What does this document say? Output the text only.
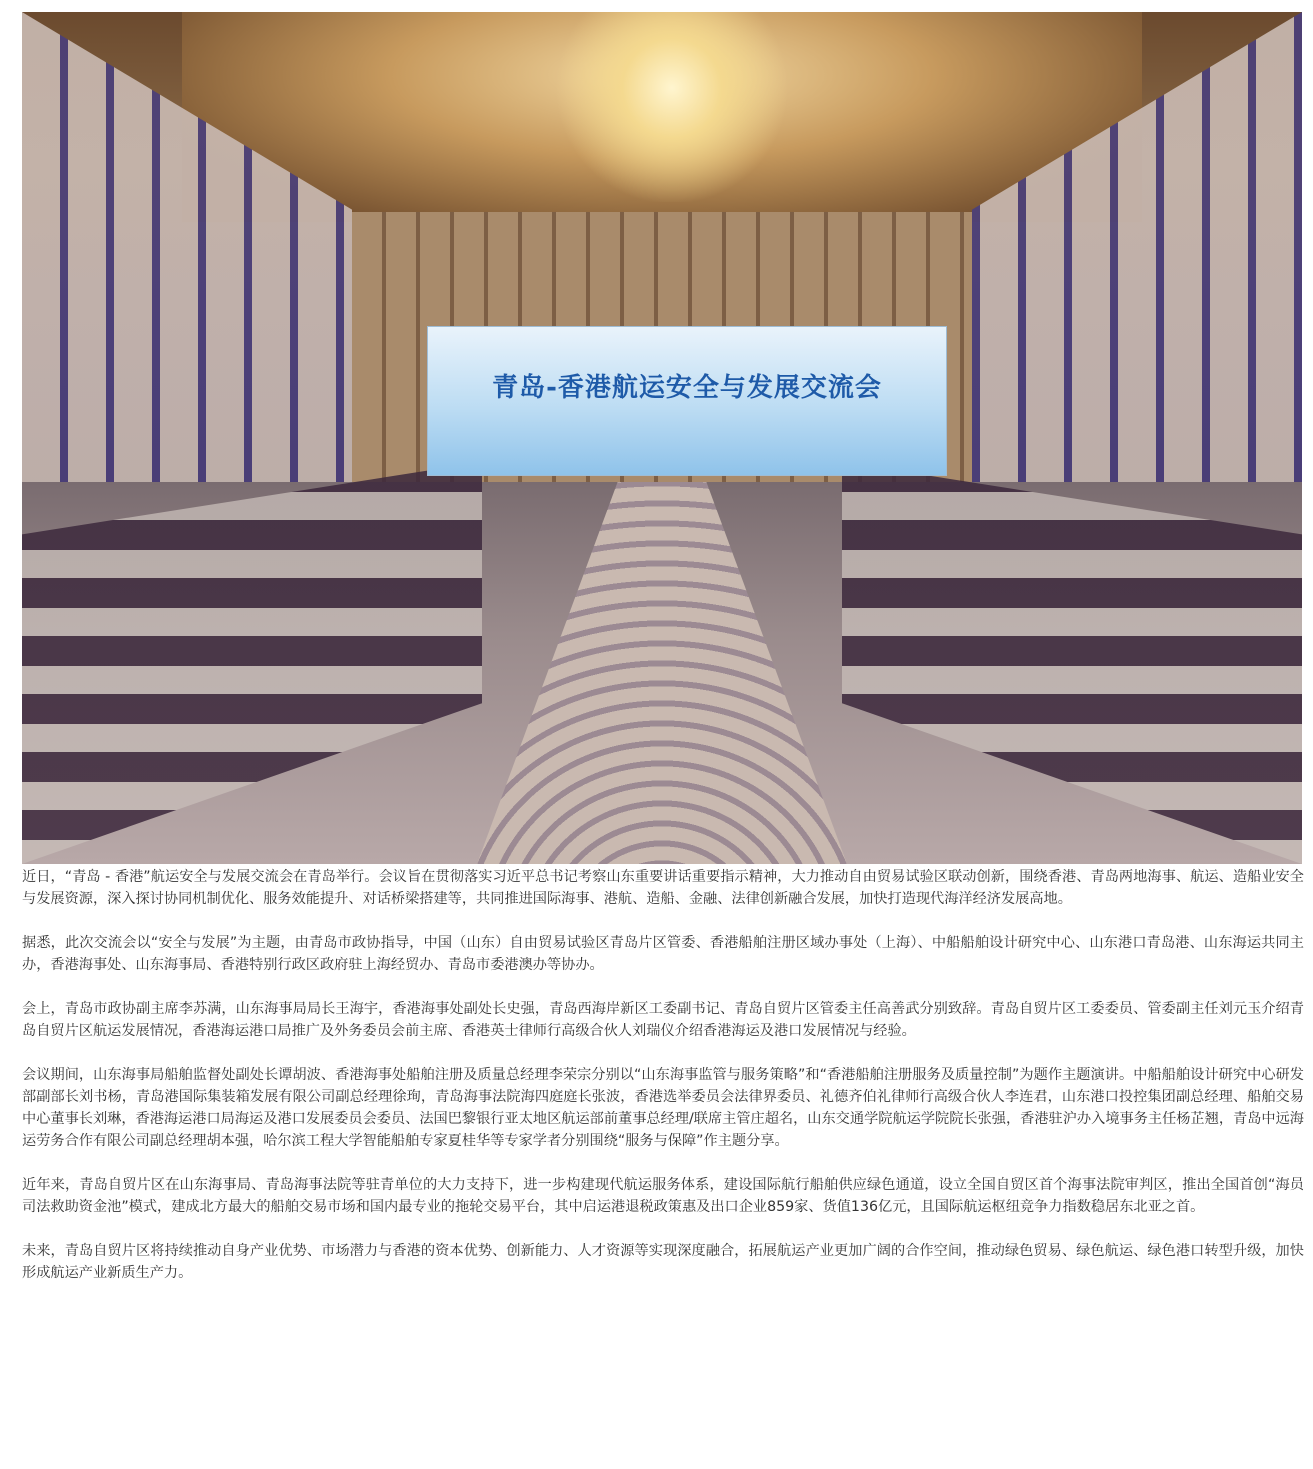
青岛-香港航运安全与发展交流会

近日，“青岛 - 香港”航运安全与发展交流会在青岛举行。会议旨在贯彻落实习近平总书记考察山东重要讲话重要指示精神，大力推动自由贸易试验区联动创新，围绕香港、青岛两地海事、航运、造船业安全与发展资源，深入探讨协同机制优化、服务效能提升、对话桥梁搭建等，共同推进国际海事、港航、造船、金融、法律创新融合发展，加快打造现代海洋经济发展高地。

据悉，此次交流会以“安全与发展”为主题，由青岛市政协指导，中国（山东）自由贸易试验区青岛片区管委、香港船舶注册区域办事处（上海）、中船船舶设计研究中心、山东港口青岛港、山东海运共同主办，香港海事处、山东海事局、香港特别行政区政府驻上海经贸办、青岛市委港澳办等协办。

会上，青岛市政协副主席李苏满，山东海事局局长王海宇，香港海事处副处长史强，青岛西海岸新区工委副书记、青岛自贸片区管委主任高善武分别致辞。青岛自贸片区工委委员、管委副主任刘元玉介绍青岛自贸片区航运发展情况，香港海运港口局推广及外务委员会前主席、香港英士律师行高级合伙人刘瑞仪介绍香港海运及港口发展情况与经验。

会议期间，山东海事局船舶监督处副处长谭胡波、香港海事处船舶注册及质量总经理李荣宗分别以“山东海事监管与服务策略”和“香港船舶注册服务及质量控制”为题作主题演讲。中船船舶设计研究中心研发部副部长刘书杨，青岛港国际集装箱发展有限公司副总经理徐珣，青岛海事法院海四庭庭长张波，香港选举委员会法律界委员、礼德齐伯礼律师行高级合伙人李连君，山东港口投控集团副总经理、船舶交易中心董事长刘琳，香港海运港口局海运及港口发展委员会委员、法国巴黎银行亚太地区航运部前董事总经理/联席主管庄超名，山东交通学院航运学院院长张强，香港驻沪办入境事务主任杨芷翘，青岛中远海运劳务合作有限公司副总经理胡本强，哈尔滨工程大学智能船舶专家夏桂华等专家学者分别围绕“服务与保障”作主题分享。

近年来，青岛自贸片区在山东海事局、青岛海事法院等驻青单位的大力支持下，进一步构建现代航运服务体系，建设国际航行船舶供应绿色通道，设立全国自贸区首个海事法院审判区，推出全国首创“海员司法救助资金池”模式，建成北方最大的船舶交易市场和国内最专业的拖轮交易平台，其中启运港退税政策惠及出口企业859家、货值136亿元，且国际航运枢纽竞争力指数稳居东北亚之首。

未来，青岛自贸片区将持续推动自身产业优势、市场潜力与香港的资本优势、创新能力、人才资源等实现深度融合，拓展航运产业更加广阔的合作空间，推动绿色贸易、绿色航运、绿色港口转型升级，加快形成航运产业新质生产力。
